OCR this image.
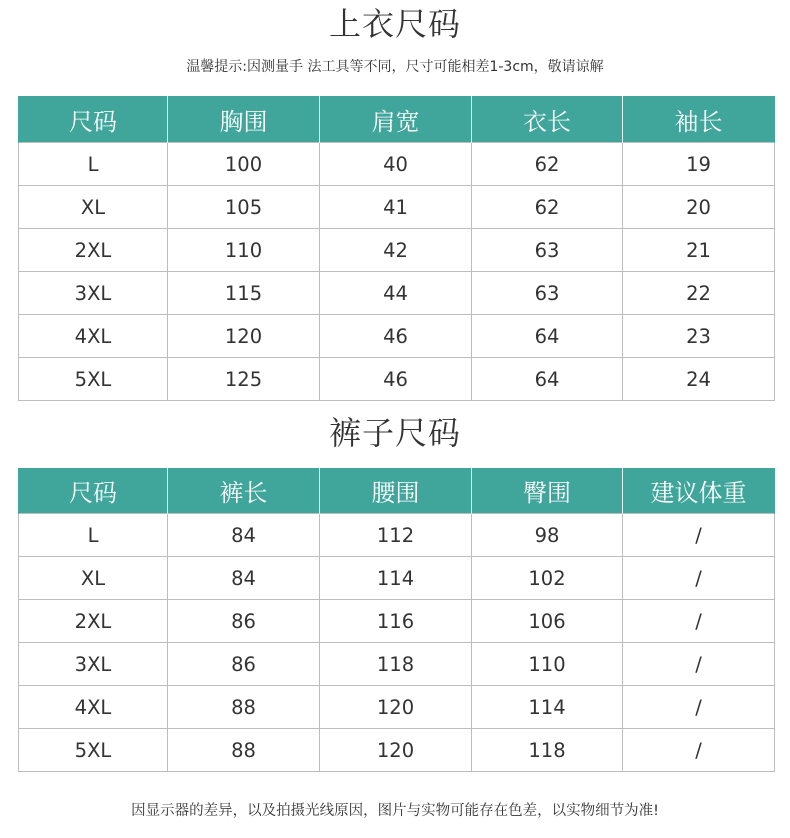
上衣尺码
温馨提示:因测量手 法工具等不同，尺寸可能相差1-3cm，敬请谅解
尺码	胸围	肩宽	衣长	袖长
L	100	40	62	19
XL	105	41	62	20
2XL	110	42	63	21
3XL	115	44	63	22
4XL	120	46	64	23
5XL	125	46	64	24
裤子尺码
尺码	裤长	腰围	臀围	建议体重
L	84	112	98	/
XL	84	114	102	/
2XL	86	116	106	/
3XL	86	118	110	/
4XL	88	120	114	/
5XL	88	120	118	/
因显示器的差异，以及拍摄光线原因，图片与实物可能存在色差，以实物细节为准!
